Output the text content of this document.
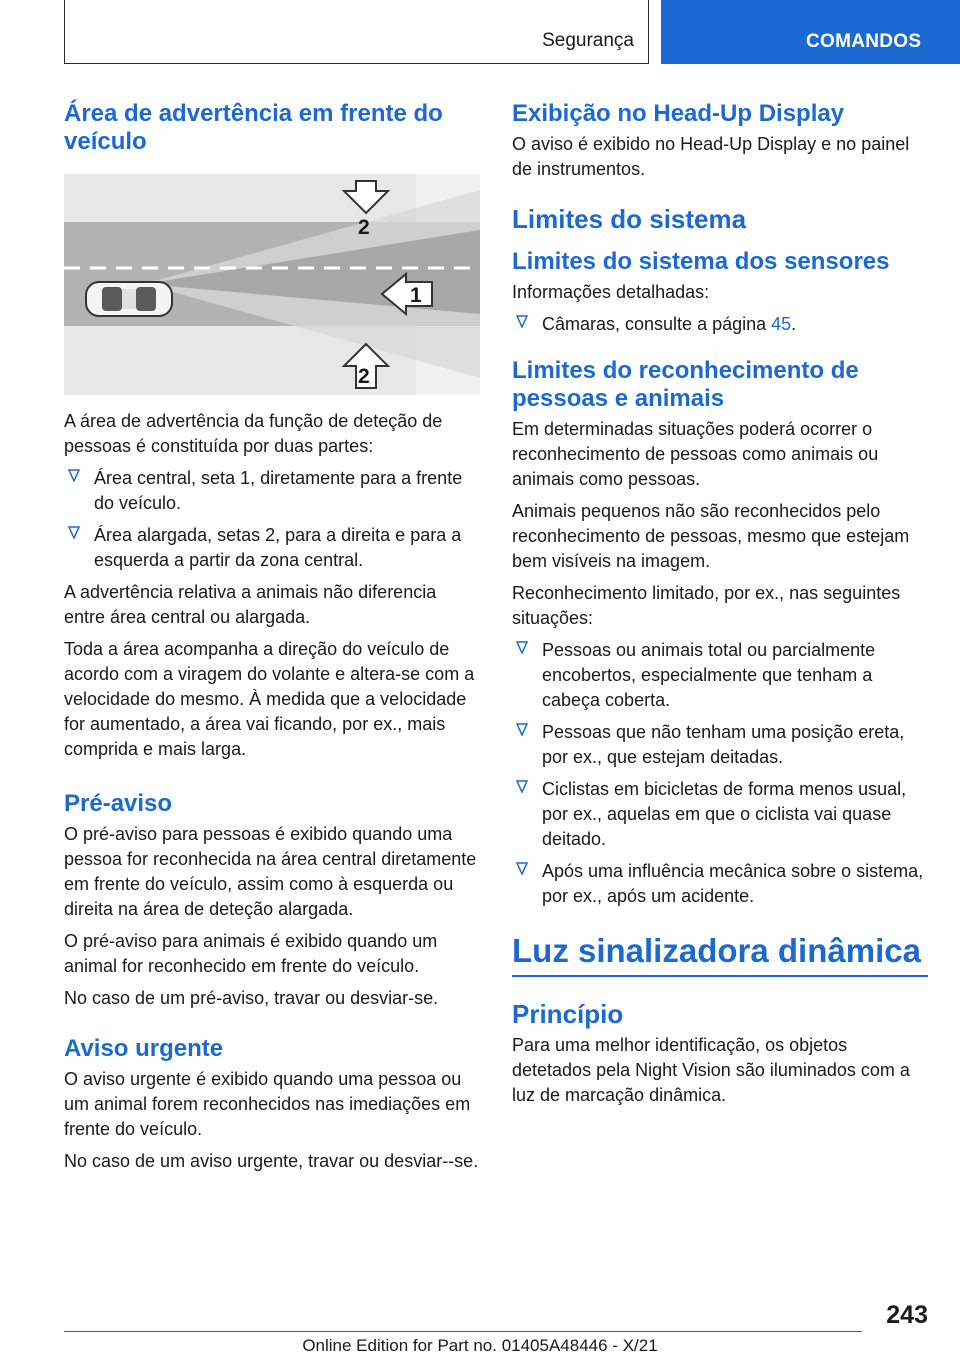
Segurança	COMANDOS
Área de advertência em frente do veículo
1
2
2

A área de advertência da função de deteção de pessoas é constituída por duas partes:

Área central, seta 1, diretamente para a frente do veículo.
Área alargada, setas 2, para a direita e para a esquerda a partir da zona central.

A advertência relativa a animais não diferencia entre área central ou alargada.

Toda a área acompanha a direção do veículo de acordo com a viragem do volante e altera-se com a velocidade do mesmo. À medida que a velocidade for aumentado, a área vai ficando, por ex., mais comprida e mais larga.

Pré-aviso

O pré-aviso para pessoas é exibido quando uma pessoa for reconhecida na área central diretamente em frente do veículo, assim como à esquerda ou direita na área de deteção alargada.

O pré-aviso para animais é exibido quando um animal for reconhecido em frente do veículo.

No caso de um pré-aviso, travar ou desviar-se.

Aviso urgente

O aviso urgente é exibido quando uma pessoa ou um animal forem reconhecidos nas imediações em frente do veículo.

No caso de um aviso urgente, travar ou desviar--se.

Exibição no Head-Up Display

O aviso é exibido no Head-Up Display e no painel de instrumentos.

Limites do sistema
Limites do sistema dos sensores

Informações detalhadas:

Câmaras, consulte a página 45.
Limites do reconhecimento de pessoas e animais

Em determinadas situações poderá ocorrer o reconhecimento de pessoas como animais ou animais como pessoas.

Animais pequenos não são reconhecidos pelo reconhecimento de pessoas, mesmo que estejam bem visíveis na imagem.

Reconhecimento limitado, por ex., nas seguintes situações:

Pessoas ou animais total ou parcialmente encobertos, especialmente que tenham a cabeça coberta.
Pessoas que não tenham uma posição ereta, por ex., que estejam deitadas.
Ciclistas em bicicletas de forma menos usual, por ex., aquelas em que o ciclista vai quase deitado.
Após uma influência mecânica sobre o sistema, por ex., após um acidente.
Luz sinalizadora dinâmica
Princípio

Para uma melhor identificação, os objetos detetados pela Night Vision são iluminados com a luz de marcação dinâmica.

243
Online Edition for Part no. 01405A48446 - X/21
